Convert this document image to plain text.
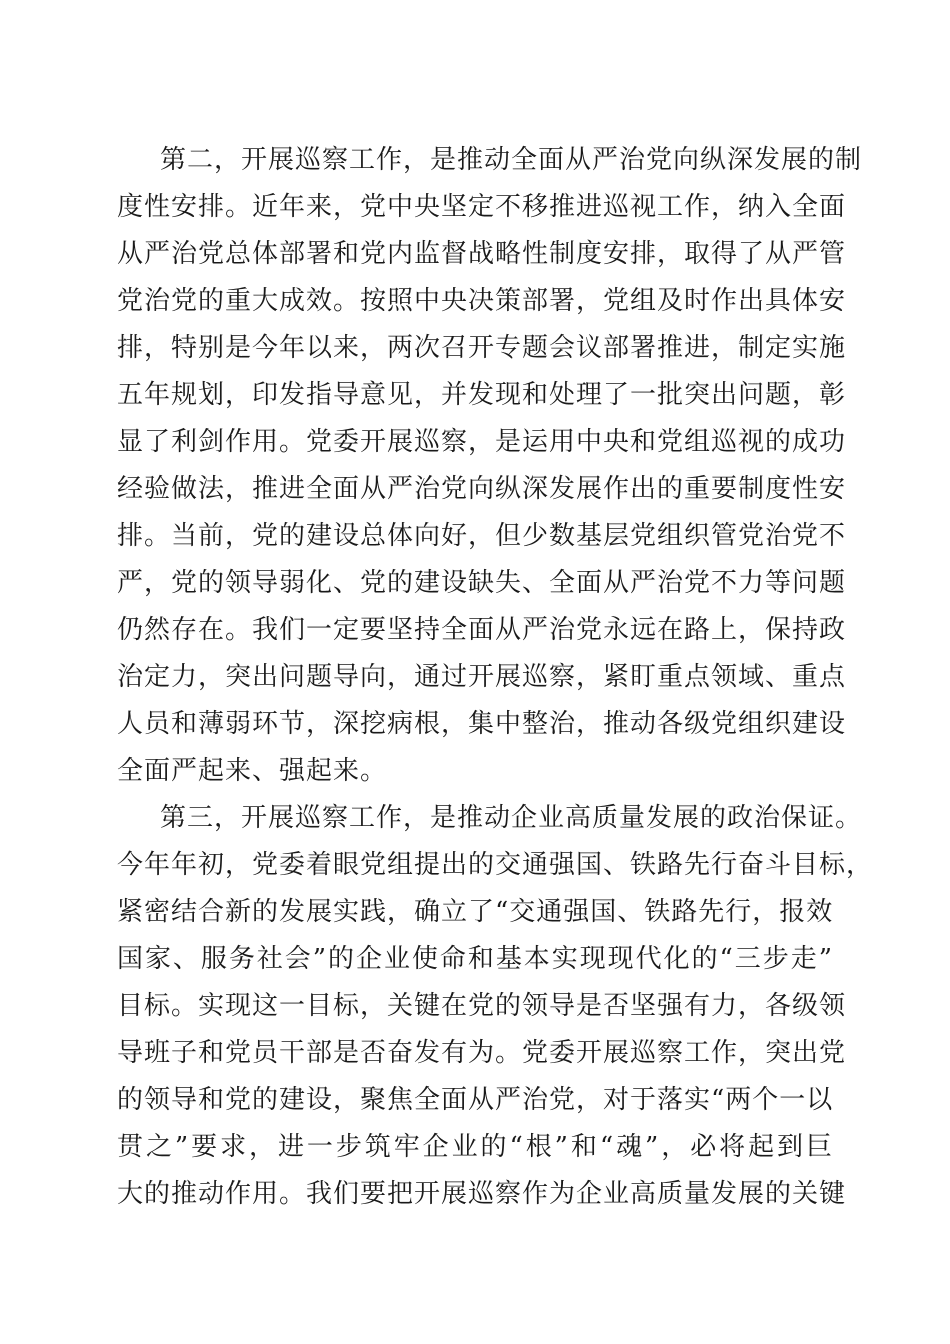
第二，开展巡察工作，是推动全面从严治党向纵深发展的制
度性安排。近年来，党中央坚定不移推进巡视工作，纳入全面
从严治党总体部署和党内监督战略性制度安排，取得了从严管
党治党的重大成效。按照中央决策部署，党组及时作出具体安
排，特别是今年以来，两次召开专题会议部署推进，制定实施
五年规划，印发指导意见，并发现和处理了一批突出问题，彰
显了利剑作用。党委开展巡察，是运用中央和党组巡视的成功
经验做法，推进全面从严治党向纵深发展作出的重要制度性安
排。当前，党的建设总体向好，但少数基层党组织管党治党不
严，党的领导弱化、党的建设缺失、全面从严治党不力等问题
仍然存在。我们一定要坚持全面从严治党永远在路上，保持政
治定力，突出问题导向，通过开展巡察，紧盯重点领域、重点
人员和薄弱环节，深挖病根，集中整治，推动各级党组织建设
全面严起来、强起来。
第三，开展巡察工作，是推动企业高质量发展的政治保证。
今年年初，党委着眼党组提出的交通强国、铁路先行奋斗目标，
紧密结合新的发展实践，确立了“交通强国、铁路先行，报效
国家、服务社会”的企业使命和基本实现现代化的“三步走”
目标。实现这一目标，关键在党的领导是否坚强有力，各级领
导班子和党员干部是否奋发有为。党委开展巡察工作，突出党
的领导和党的建设，聚焦全面从严治党，对于落实“两个一以
贯之”要求，进一步筑牢企业的“根”和“魂”，必将起到巨
大的推动作用。我们要把开展巡察作为企业高质量发展的关键
